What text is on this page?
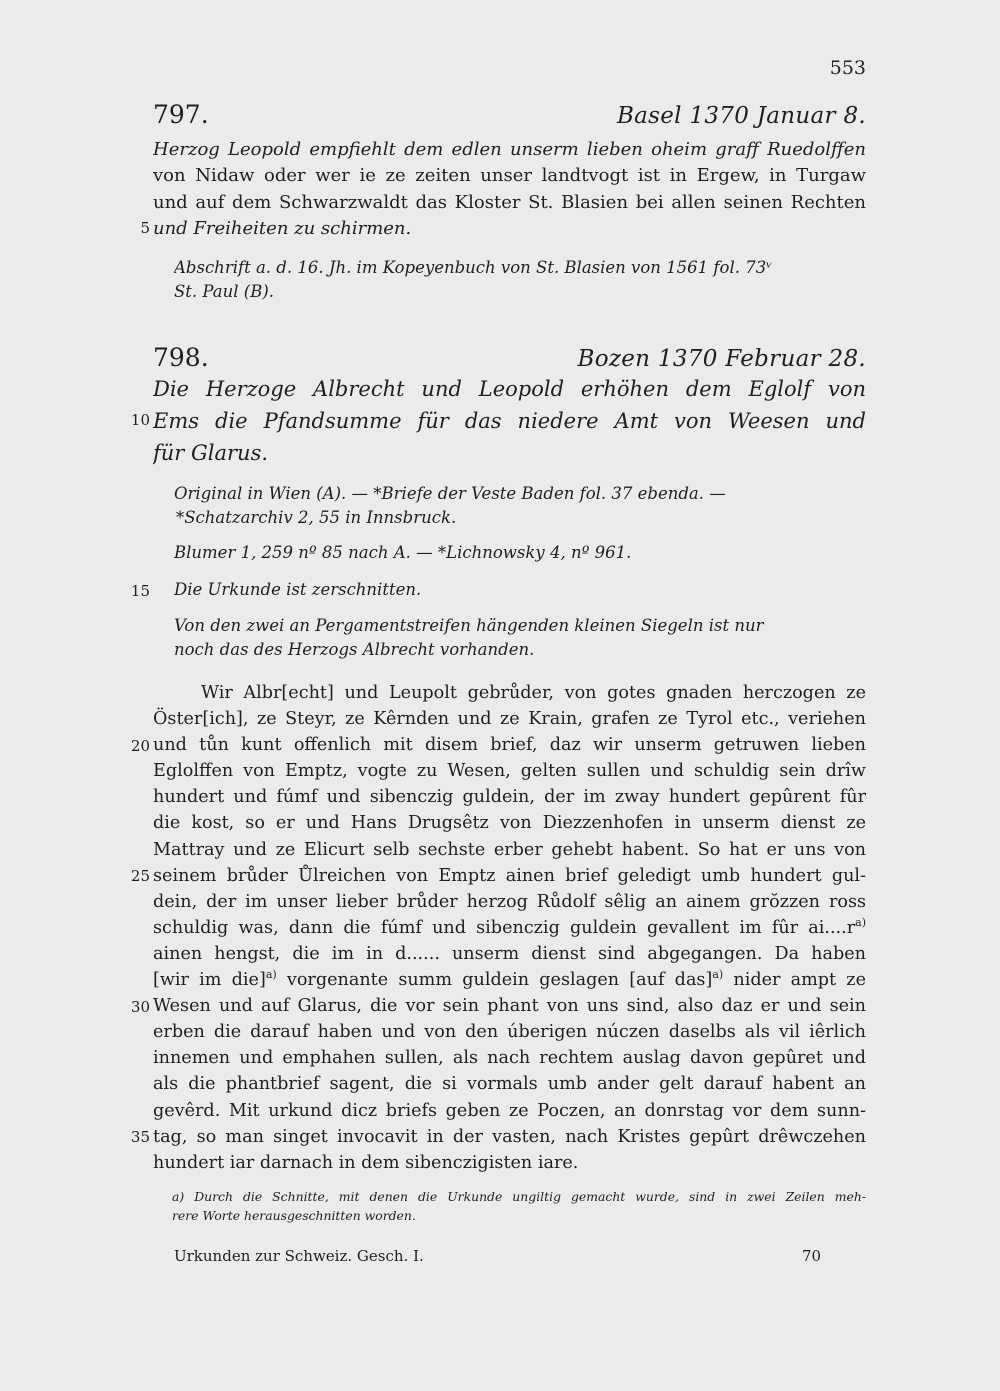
553
797.	Basel 1370 Januar 8.
Herzog Leopold empfiehlt dem edlen unserm lieben oheim graff Ruedolffen
von Nidaw oder wer ie ze zeiten unser landtvogt ist in Ergew, in Turgaw
und auf dem Schwarzwaldt das Kloster St. Blasien bei allen seinen Rechten
und Freiheiten zu schirmen.
Abschrift a. d. 16. Jh. im Kopeyenbuch von St. Blasien von 1561 fol. 73ᵛ
St. Paul (B).
798.	Bozen 1370 Februar 28.
Die Herzoge Albrecht und Leopold erhöhen dem Eglolf von
Ems die Pfandsumme für das niedere Amt von Weesen und
für Glarus.
Original in Wien (A). — *Briefe der Veste Baden fol. 37 ebenda. —
*Schatzarchiv 2, 55 in Innsbruck.
Blumer 1, 259 nº 85 nach A. — *Lichnowsky 4, nº 961.
Die Urkunde ist zerschnitten.
Von den zwei an Pergamentstreifen hängenden kleinen Siegeln ist nur
noch das des Herzogs Albrecht vorhanden.
Wir Albr[echt] und Leupolt gebrůder, von gotes gnaden herczogen ze
Öster[ich], ze Steyr, ze Kêrnden und ze Krain, grafen ze Tyrol etc., veriehen
und tůn kunt offenlich mit disem brief, daz wir unserm getruwen lieben
Eglolffen von Emptz, vogte zu Wesen, gelten sullen und schuldig sein drîw
hundert und fúmf und sibenczig guldein, der im zway hundert gepûrent fûr
die kost, so er und Hans Drugsêtz von Diezzenhofen in unserm dienst ze
Mattray und ze Elicurt selb sechste erber gehebt habent. So hat er uns von
seinem brůder Ůlreichen von Emptz ainen brief geledigt umb hundert gul-
dein, der im unser lieber brůder herzog Růdolf sêlig an ainem grŏzzen ross
schuldig was, dann die fúmf und sibenczig guldein gevallent im fûr $ai....r^{a)}$
ainen hengst, die im in d...... unserm dienst sind abgegangen. Da haben
[wir im die]$^{a)}$ vorgenante summ guldein geslagen [auf das]$^{a)}$ nider ampt ze
Wesen und auf Glarus, die vor sein phant von uns sind, also daz er und sein
erben die darauf haben und von den úberigen núczen daselbs als vil iêrlich
innemen und emphahen sullen, als nach rechtem auslag davon gepûret und
als die phantbrief sagent, die si vormals umb ander gelt darauf habent an
gevêrd. Mit urkund dicz briefs geben ze Poczen, an donrstag vor dem sunn-
tag, so man singet invocavit in der vasten, nach Kristes gepûrt drêwczehen
hundert iar darnach in dem sibenczigisten iare.
5
10
15
20
25
30
35
a) Durch die Schnitte, mit denen die Urkunde ungiltig gemacht wurde, sind in zwei Zeilen meh-
rere Worte herausgeschnitten worden.
Urkunden zur Schweiz. Gesch. I.	70
